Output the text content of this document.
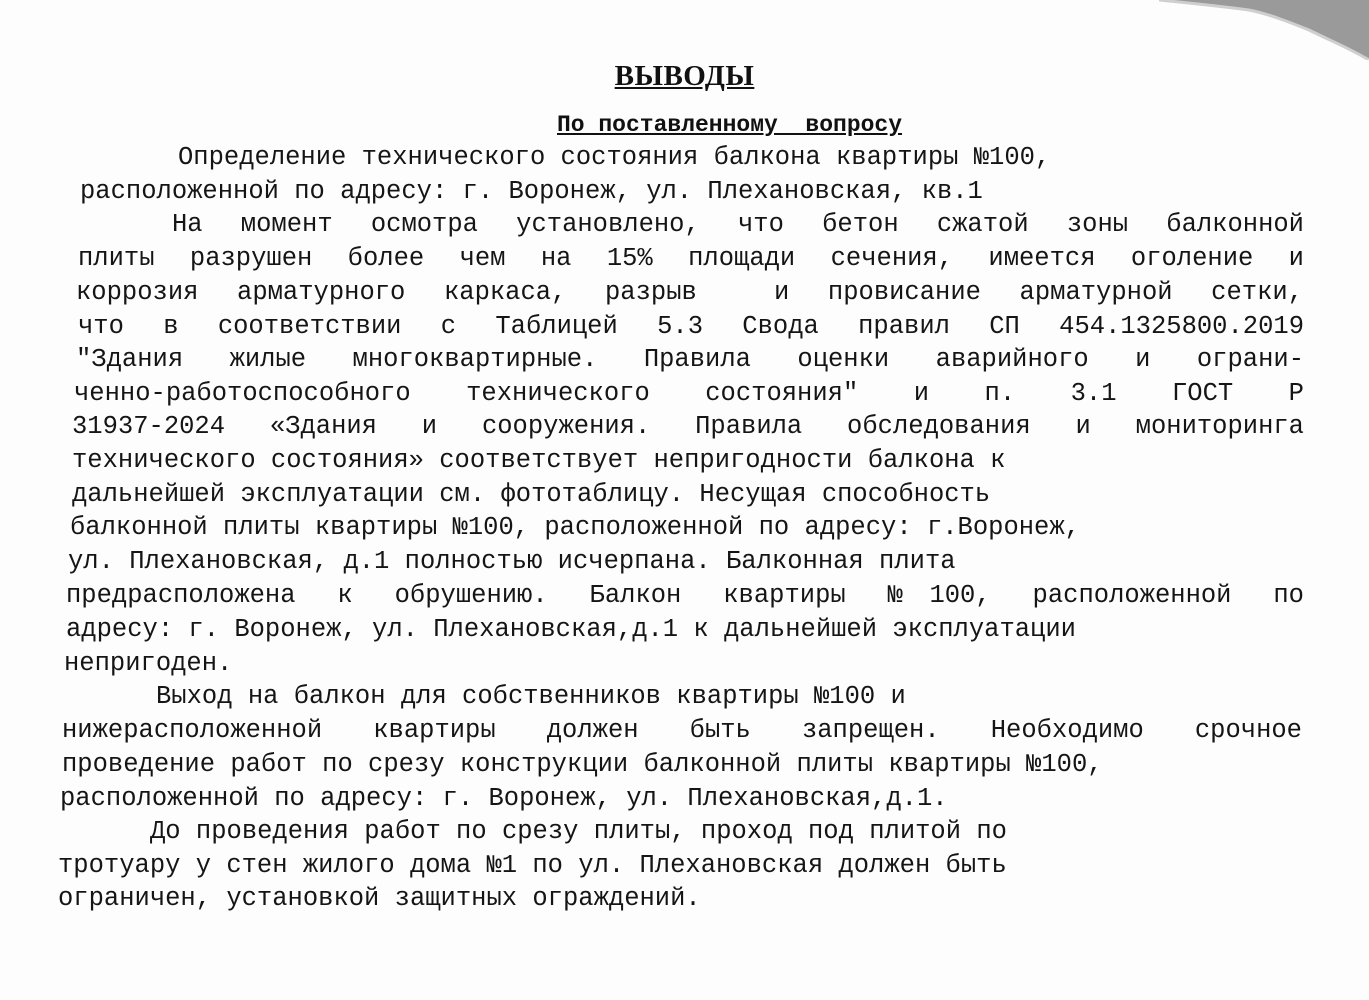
ВЫВОДЫ
По поставленному  вопросу
Определение технического состояния балкона квартиры №100,
расположенной по адресу: г. Воронеж, ул. Плехановская, кв.1
На момент осмотра установлено, что бетон сжатой зоны балконной
плиты разрушен более чем на 15% площади сечения, имеется оголение и
коррозия арматурного каркаса, разрыв  и провисание арматурной сетки,
что в соответствии с Таблицей 5.3 Свода правил СП 454.1325800.2019
"Здания жилые многоквартирные. Правила оценки аварийного и ограни-
ченно-работоспособного технического состояния" и п. 3.1 ГОСТ Р
31937-2024 «Здания и сооружения. Правила обследования и мониторинга
технического состояния» соответствует непригодности балкона к
дальнейшей эксплуатации см. фототаблицу. Несущая способность
балконной плиты квартиры №100, расположенной по адресу: г.Воронеж,
ул. Плехановская, д.1 полностью исчерпана. Балконная плита
предрасположена к обрушению. Балкон квартиры №100, расположенной по
адресу: г. Воронеж, ул. Плехановская,д.1 к дальнейшей эксплуатации
непригоден.
Выход на балкон для собственников квартиры №100 и
нижерасположенной квартиры должен быть запрещен. Необходимо срочное
проведение работ по срезу конструкции балконной плиты квартиры №100,
расположенной по адресу: г. Воронеж, ул. Плехановская,д.1.
До проведения работ по срезу плиты, проход под плитой по
тротуару у стен жилого дома №1 по ул. Плехановская должен быть
ограничен, установкой защитных ограждений.
